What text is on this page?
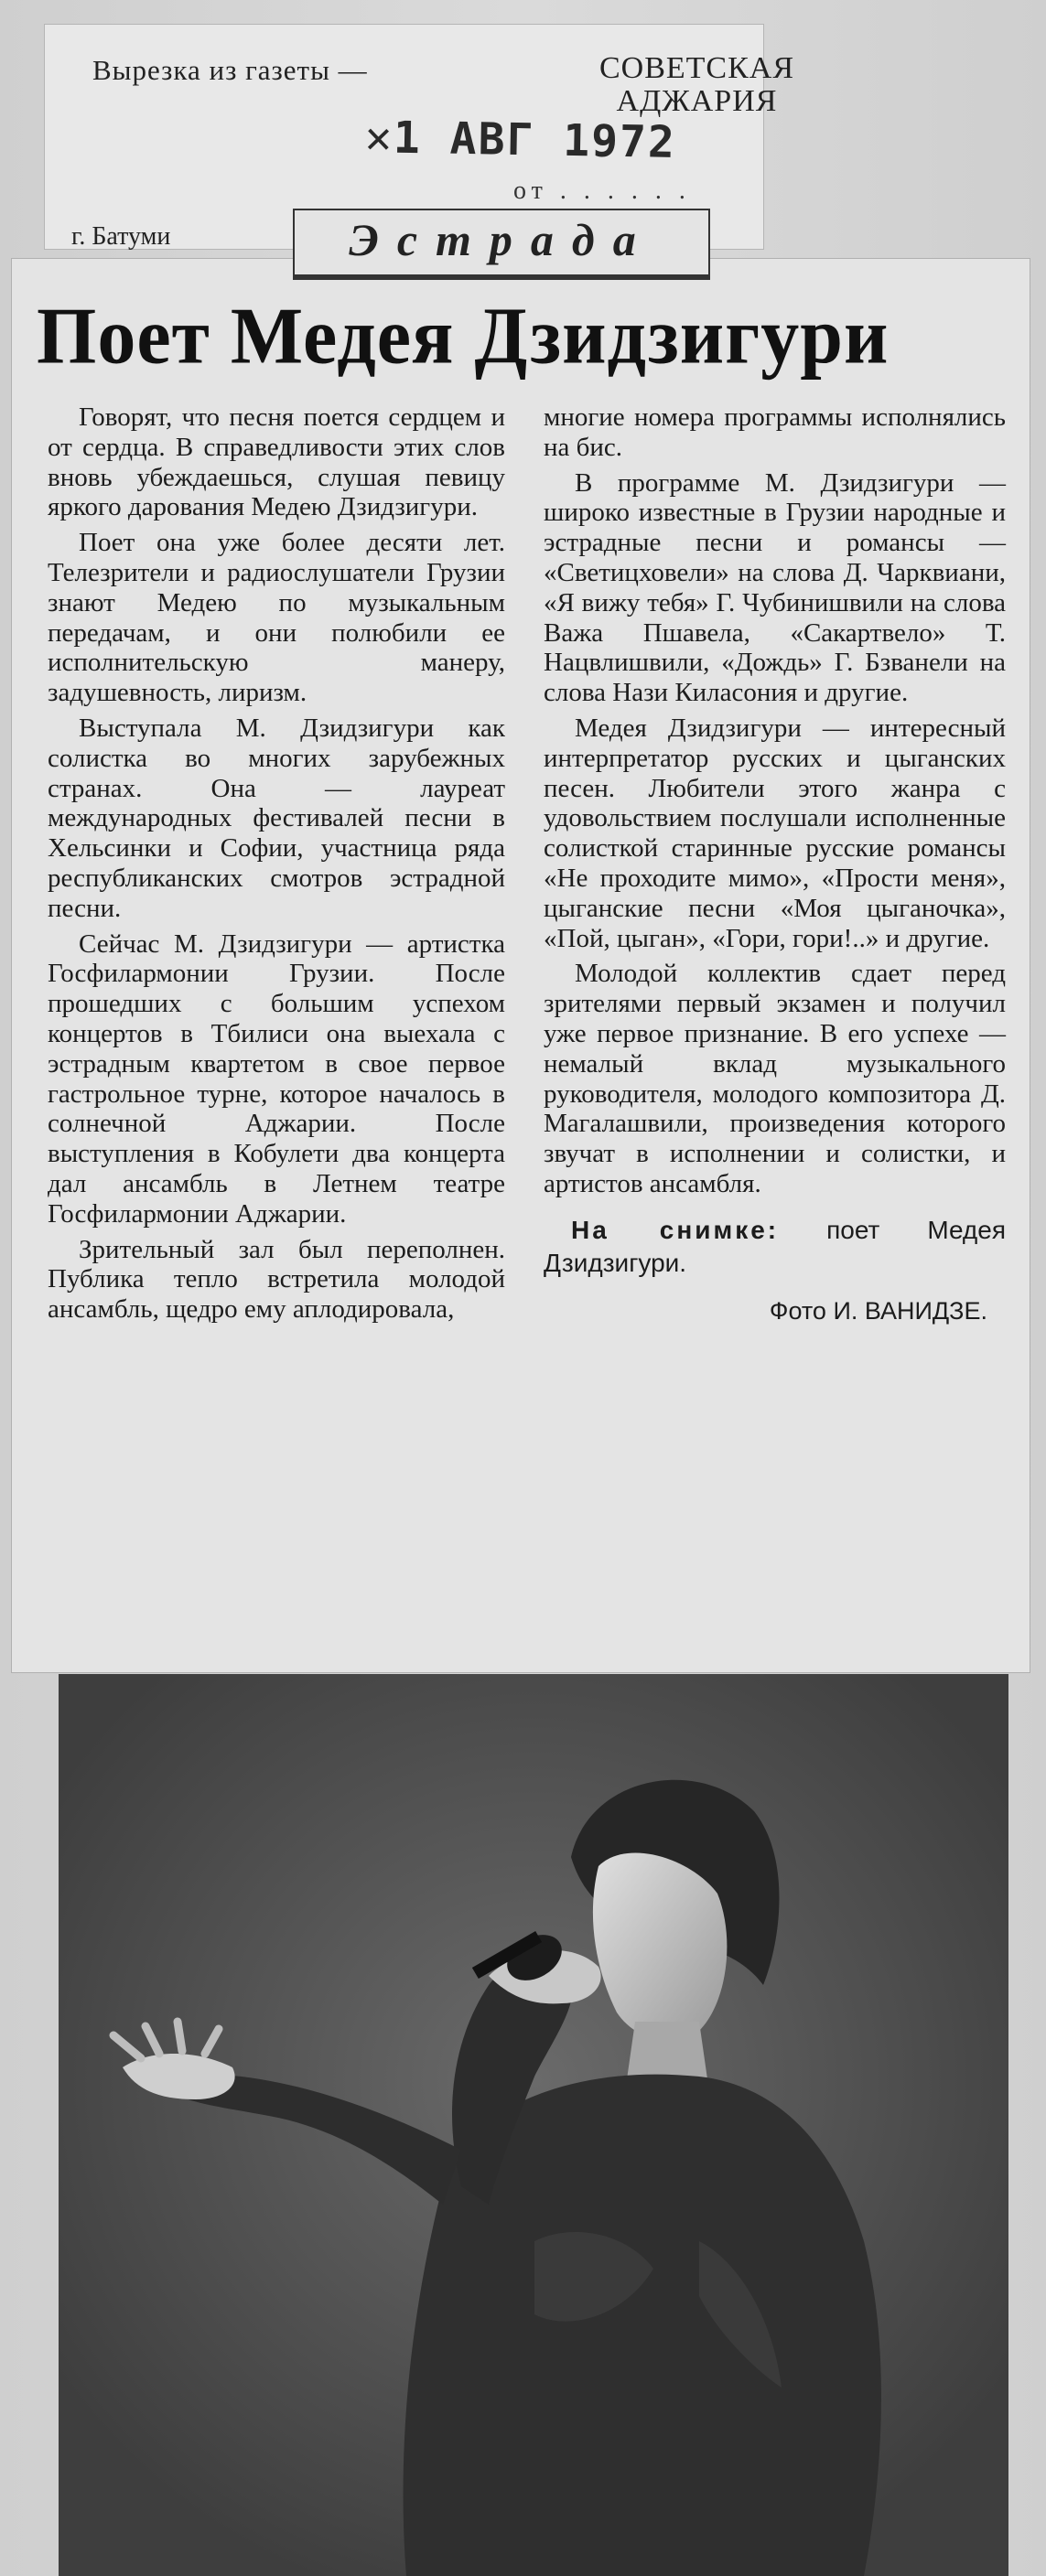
Вырезка из газеты —	СОВЕТСКАЯ
АДЖАРИЯ
✕1 АВГ 1972
от . . . . . .
г. Батуми	Эстрада
Поет Медея Дзидзигури

Говорят, что песня поется сердцем и от сердца. В справедливости этих слов вновь убеждаешься, слушая певицу яркого дарования Медею Дзидзигури.

Поет она уже более десяти лет. Телезрители и радиослушатели Грузии знают Медею по музыкальным передачам, и они полюбили ее исполнительскую манеру, задушевность, лиризм.

Выступала М. Дзидзигури как солистка во многих зарубежных странах. Она — лауреат международных фестивалей песни в Хельсинки и Софии, участница ряда республиканских смотров эстрадной песни.

Сейчас М. Дзидзигури — артистка Госфилармонии Грузии. После прошедших с большим успехом концертов в Тбилиси она выехала с эстрадным квартетом в свое первое гастрольное турне, которое началось в солнечной Аджарии. После выступления в Кобулети два концерта дал ансамбль в Летнем театре Госфилармонии Аджарии.

Зрительный зал был переполнен. Публика тепло встретила молодой ансамбль, щедро ему аплодировала,

многие номера программы исполнялись на бис.

В программе М. Дзидзигури — широко известные в Грузии народные и эстрадные песни и романсы — «Светицховели» на слова Д. Чарквиани, «Я вижу тебя» Г. Чубинишвили на слова Важа Пшавела, «Сакартвело» Т. Нацвлишвили, «Дождь» Г. Бзванели на слова Нази Киласония и другие.

Медея Дзидзигури — интересный интерпретатор русских и цыганских песен. Любители этого жанра с удовольствием послушали исполненные солисткой старинные русские романсы «Не проходите мимо», «Прости меня», цыганские песни «Моя цыганочка», «Пой, цыган», «Гори, гори!..» и другие.

Молодой коллектив сдает перед зрителями первый экзамен и получил уже первое признание. В его успехе — немалый вклад музыкального руководителя, молодого композитора Д. Магалашвили, произведения которого звучат в исполнении и солистки, и артистов ансамбля.

На снимке: поет Медея Дзидзигури.
Фото И. ВАНИДЗЕ.
